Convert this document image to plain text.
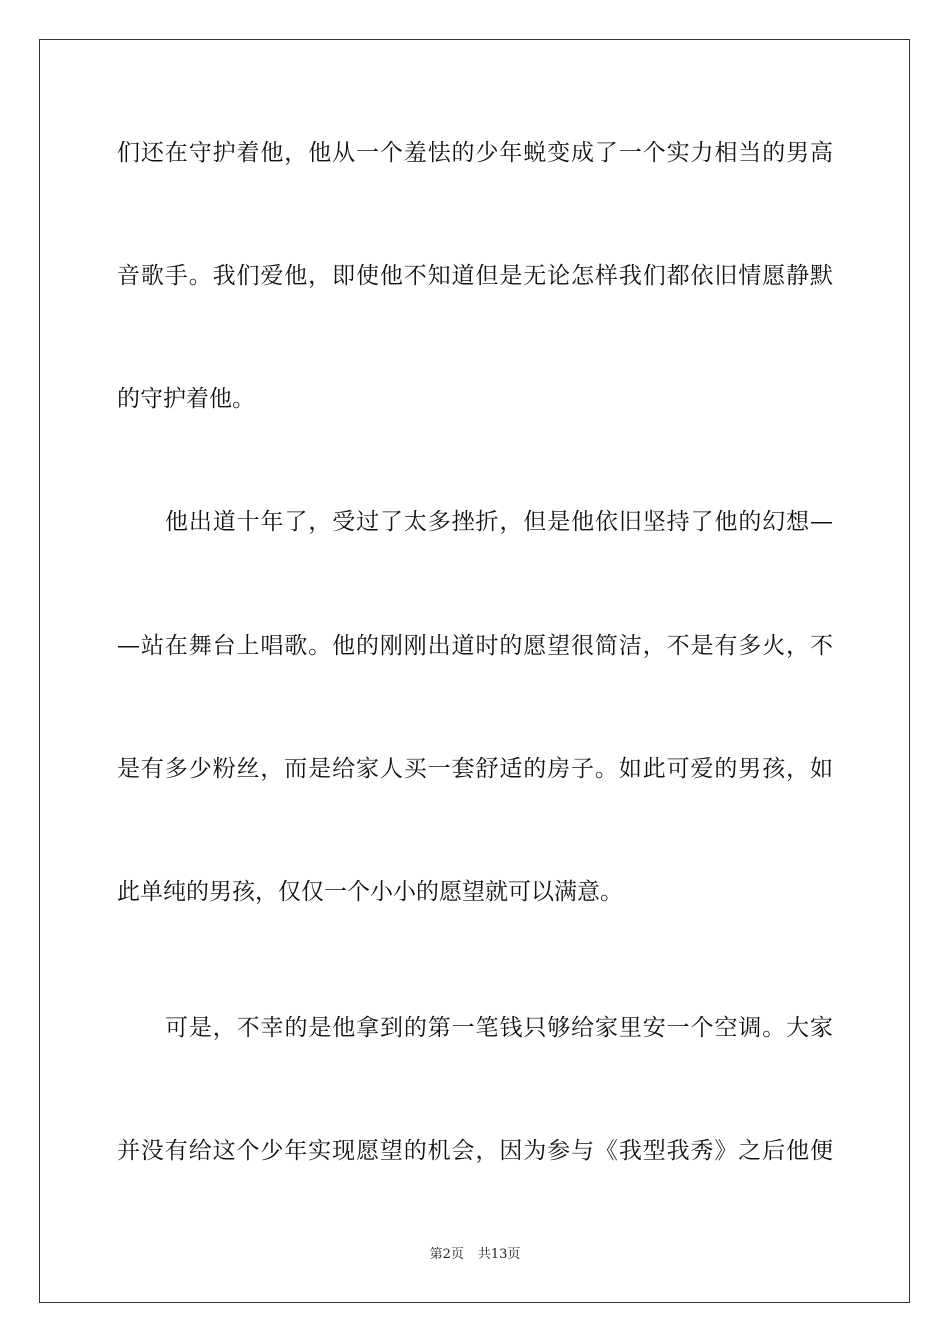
们还在守护着他，他从一个羞怯的少年蜕变成了一个实力相当的男高
音歌手。我们爱他，即使他不知道但是无论怎样我们都依旧情愿静默
的守护着他。
他出道十年了，受过了太多挫折，但是他依旧坚持了他的幻想—
—站在舞台上唱歌。他的刚刚出道时的愿望很简洁，不是有多火，不
是有多少粉丝，而是给家人买一套舒适的房子。如此可爱的男孩，如
此单纯的男孩，仅仅一个小小的愿望就可以满意。
可是，不幸的是他拿到的第一笔钱只够给家里安一个空调。大家
并没有给这个少年实现愿望的机会，因为参与《我型我秀》之后他便
第2页 共13页
